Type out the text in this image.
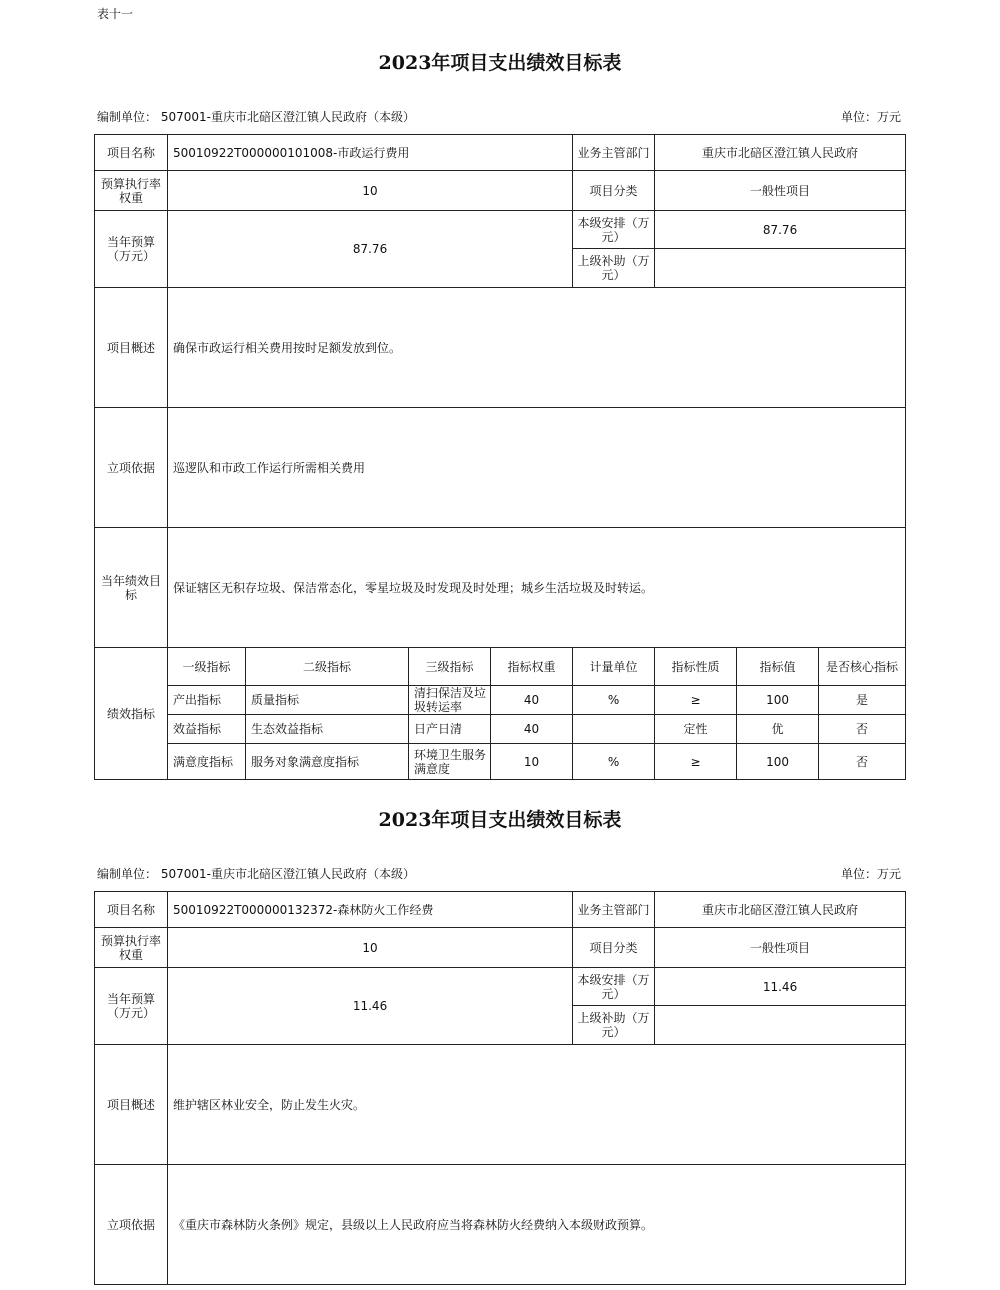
表十一
2023年项目支出绩效目标表
编制单位： 507001-重庆市北碚区澄江镇人民政府（本级）	单位：万元
项目名称	50010922T000000101008-市政运行费用				业务主管部门	重庆市北碚区澄江镇人民政府		
预算执行率权重	10				项目分类	一般性项目		
当年预算（万元）	87.76				本级安排（万元）	87.76		
					上级补助（万元）			
项目概述	确保市政运行相关费用按时足额发放到位。							
立项依据	巡逻队和市政工作运行所需相关费用							
当年绩效目标	保证辖区无积存垃圾、保洁常态化，零星垃圾及时发现及时处理；城乡生活垃圾及时转运。							
绩效指标	一级指标	二级指标	三级指标	指标权重	计量单位	指标性质	指标值	是否核心指标
	产出指标	质量指标	清扫保洁及垃圾转运率	40	%	≥	100	是
	效益指标	生态效益指标	日产日清	40		定性	优	否
	满意度指标	服务对象满意度指标	环境卫生服务满意度	10	%	≥	100	否
2023年项目支出绩效目标表
编制单位： 507001-重庆市北碚区澄江镇人民政府（本级）	单位：万元
项目名称	50010922T000000132372-森林防火工作经费	业务主管部门	重庆市北碚区澄江镇人民政府
预算执行率权重	10	项目分类	一般性项目
当年预算（万元）	11.46	本级安排（万元）	11.46
		上级补助（万元）	
项目概述	维护辖区林业安全，防止发生火灾。		
立项依据	《重庆市森林防火条例》规定，县级以上人民政府应当将森林防火经费纳入本级财政预算。		
